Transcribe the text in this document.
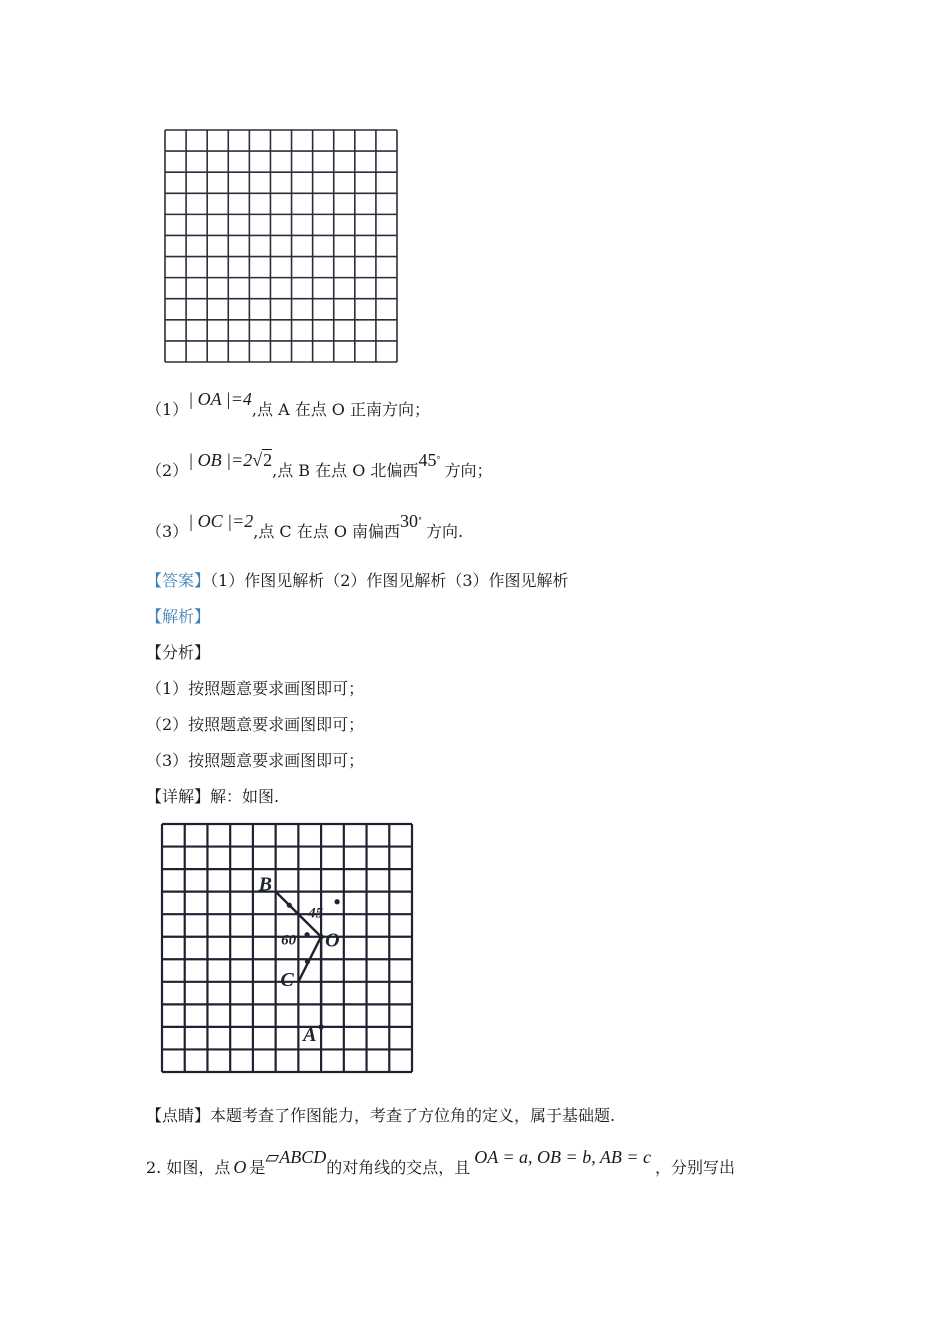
（1）| OA |=4,点 A 在点 O 正南方向；
（2）| OB |=2√2,点 B 在点 O 北偏西45°方向；
（3）| OC |=2,点 C 在点 O 南偏西30°方向.
【答案】（1）作图见解析（2）作图见解析（3）作图见解析
【解析】
【分析】
（1）按照题意要求画图即可；
（2）按照题意要求画图即可；
（3）按照题意要求画图即可；
【详解】解：如图.
B
O
C
A
45
60
【点睛】本题考查了作图能力，考查了方位角的定义，属于基础题.
2. 如图，点 O 是▱ABCD的对角线的交点，且OA = a, OB = b, AB = c，分别写出
